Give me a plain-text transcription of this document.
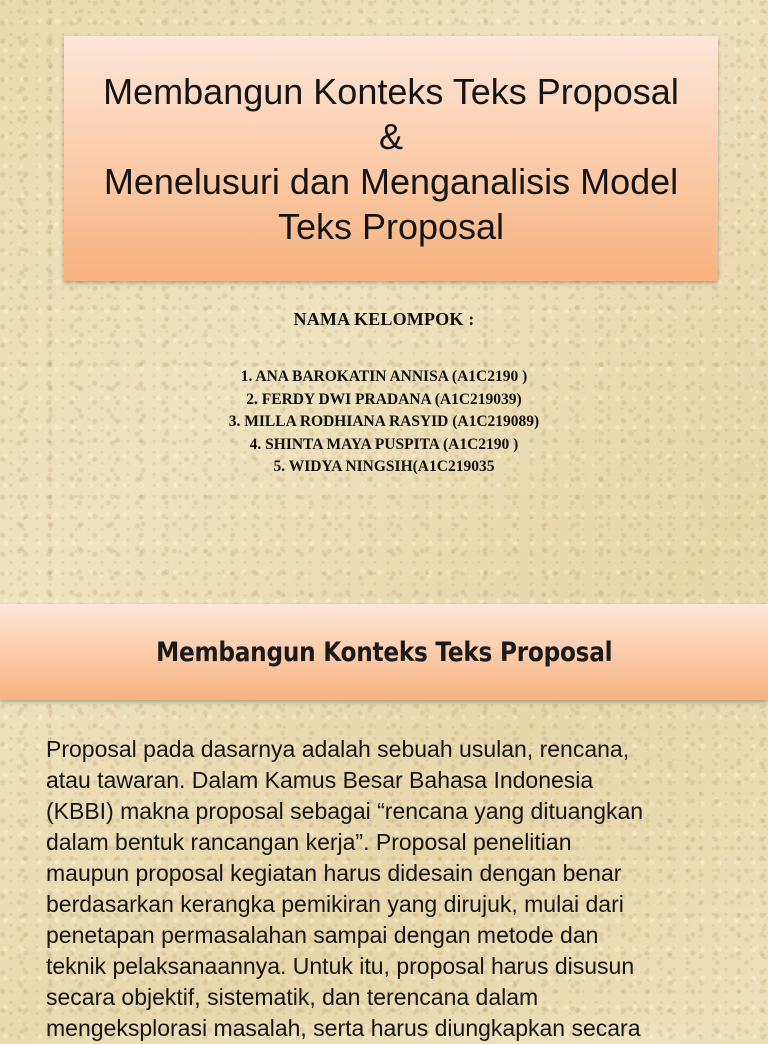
Membangun Konteks Teks Proposal
&
Menelusuri dan Menganalisis Model
Teks Proposal
NAMA KELOMPOK :
1. ANA BAROKATIN ANNISA (A1C2190 )
2. FERDY DWI PRADANA (A1C219039)
3. MILLA RODHIANA RASYID (A1C219089)
4. SHINTA MAYA PUSPITA (A1C2190 )
5. WIDYA NINGSIH(A1C219035
Membangun Konteks Teks Proposal
Proposal pada dasarnya adalah sebuah usulan, rencana,
atau tawaran. Dalam Kamus Besar Bahasa Indonesia
(KBBI) makna proposal sebagai “rencana yang dituangkan
dalam bentuk rancangan kerja”. Proposal penelitian
maupun proposal kegiatan harus didesain dengan benar
berdasarkan kerangka pemikiran yang dirujuk, mulai dari
penetapan permasalahan sampai dengan metode dan
teknik pelaksanaannya. Untuk itu, proposal harus disusun
secara objektif, sistematik, dan terencana dalam
mengeksplorasi masalah, serta harus diungkapkan secara
